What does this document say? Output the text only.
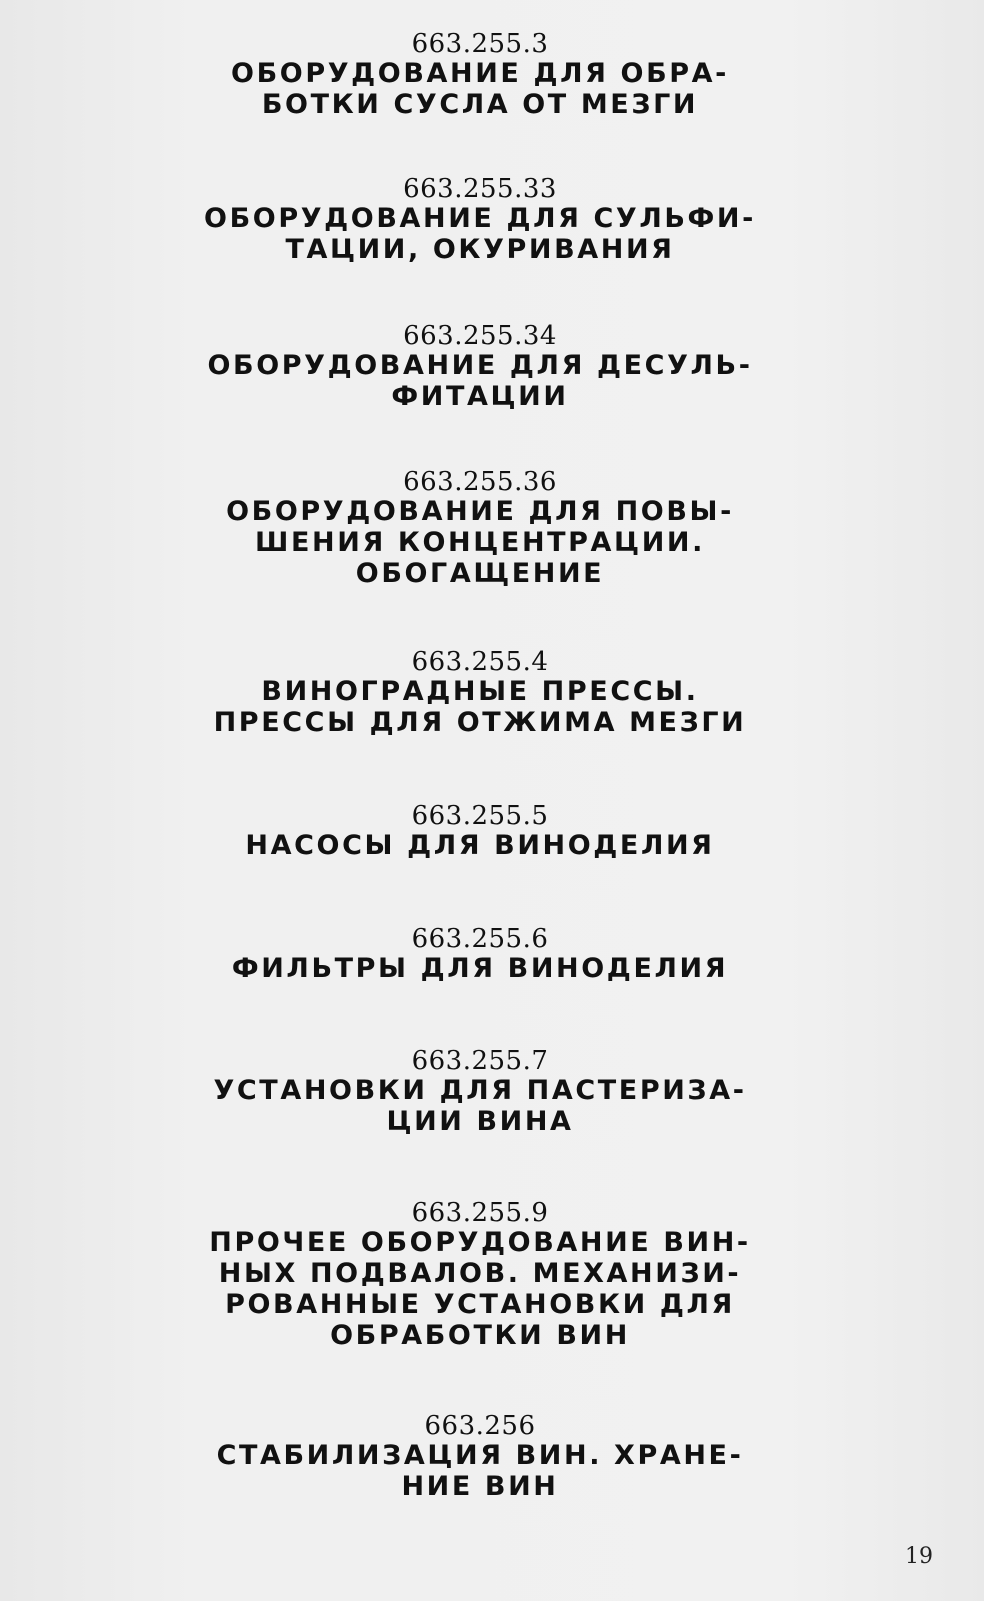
663.255.3
ОБОРУДОВАНИЕ ДЛЯ ОБРА-
БОТКИ СУСЛА ОТ МЕЗГИ
663.255.33
ОБОРУДОВАНИЕ ДЛЯ СУЛЬФИ-
ТАЦИИ, ОКУРИВАНИЯ
663.255.34
ОБОРУДОВАНИЕ ДЛЯ ДЕСУЛЬ-
ФИТАЦИИ
663.255.36
ОБОРУДОВАНИЕ ДЛЯ ПОВЫ-
ШЕНИЯ КОНЦЕНТРАЦИИ.
ОБОГАЩЕНИЕ
663.255.4
ВИНОГРАДНЫЕ ПРЕССЫ.
ПРЕССЫ ДЛЯ ОТЖИМА МЕЗГИ
663.255.5
НАСОСЫ ДЛЯ ВИНОДЕЛИЯ
663.255.6
ФИЛЬТРЫ ДЛЯ ВИНОДЕЛИЯ
663.255.7
УСТАНОВКИ ДЛЯ ПАСТЕРИЗА-
ЦИИ ВИНА
663.255.9
ПРОЧЕЕ ОБОРУДОВАНИЕ ВИН-
НЫХ ПОДВАЛОВ. МЕХАНИЗИ-
РОВАННЫЕ УСТАНОВКИ ДЛЯ
ОБРАБОТКИ ВИН
663.256
СТАБИЛИЗАЦИЯ ВИН. ХРАНЕ-
НИЕ ВИН
19
